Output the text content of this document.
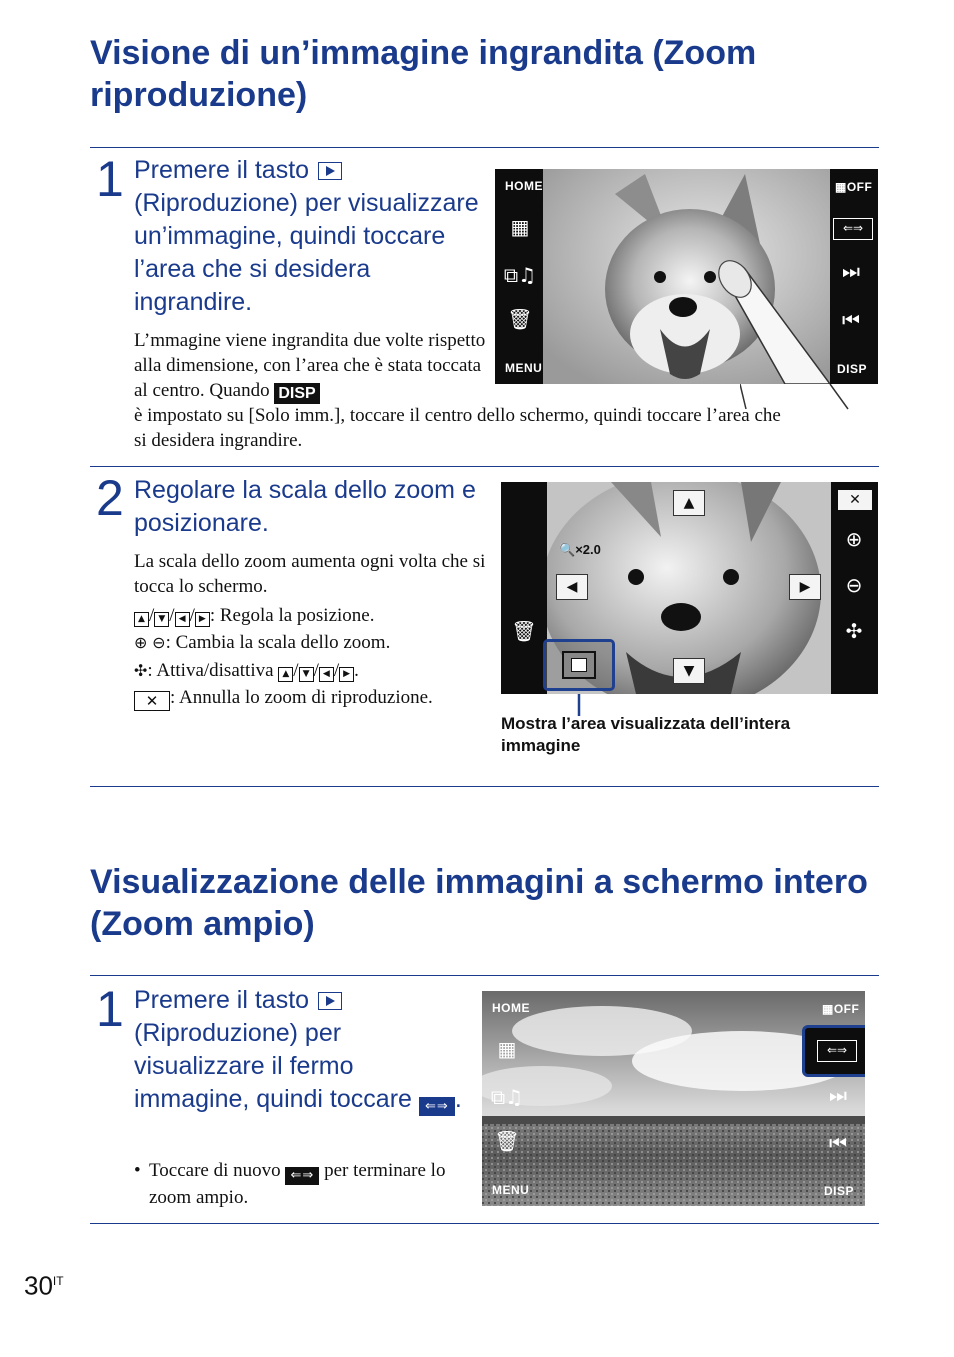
Visione di un’immagine ingrandita (Zoom riproduzione)
1 Premere il tasto  (Riproduzione) per visualizzare un’immagine, quindi toccare l’area che si desidera ingrandire.
L’mmagine viene ingrandita due volte rispetto alla dimensione, con l’area che è stata toccata al centro. Quando DISP
è impostato su [Solo imm.], toccare il centro dello schermo, quindi toccare l’area che si desidera ingrandire.
HOME
▦
⧉♫
🗑
MENU
▦OFF
⇐⇒
⏭
⏮
DISP
2 Regolare la scala dello zoom e posizionare.
La scala dello zoom aumenta ogni volta che si tocca lo schermo.
▲ / ▼ / ◀ / ▶ : Regola la posizione.
⊕ ⊖: Cambia la scala dello zoom.
✣: Attiva/disattiva ▲ / ▼ / ◀ / ▶ .
✕ : Annulla lo zoom di riproduzione.
🔍×2.0
▲
◀	▶
▼
🗑
✕
⊕
⊖
✣
Mostra l’area visualizzata dell’intera immagine
Visualizzazione delle immagini a schermo intero (Zoom ampio)
1 Premere il tasto  (Riproduzione) per visualizzare il fermo immagine, quindi toccare ⇐⇒ .
• Toccare di nuovo ⇐⇒ per terminare lo zoom ampio.
HOME
▦
⧉♫
🗑
MENU
▦OFF
⇐⇒
⏭
⏮
DISP
$30^{IT}$
